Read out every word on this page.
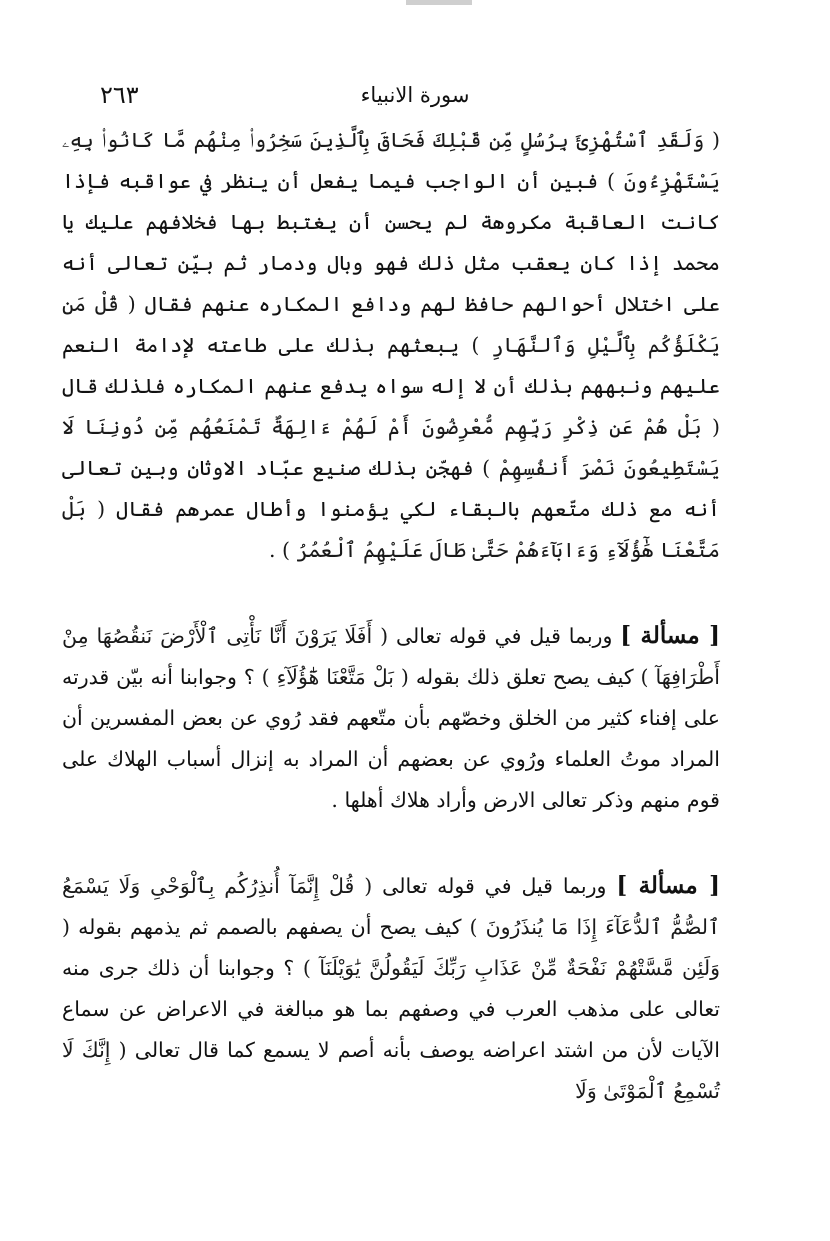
سورة الانبياء
٢٦٣

( وَلَقَدِ ٱسْتُهْزِئَ بِرُسُلٍ مِّن قَبْلِكَ فَحَاقَ بِٱلَّذِينَ سَخِرُوا۟ مِنْهُم مَّا كَانُوا۟ بِهِۦ يَسْتَهْزِءُونَ ) فبين أن الواجب فيما يفعل أن ينظر في عواقبه فإذا كانت العاقبة مكروهة لم يحسن أن يغتبط بها فخلافهم عليك يا محمد إذا كان يعقب مثل ذلك فهو وبال ودمار ثم بيّن تعالى أنه على اختلال أحوالهم حافظ لهم ودافع المكاره عنهم فقال ( قُلْ مَن يَكْلَؤُكُم بِٱلَّيْلِ وَٱلنَّهَارِ ) يبعثهم بذلك على طاعته لإدامة النعم عليهم ونبههم بذلك أن لا إله سواه يدفع عنهم المكاره فلذلك قال ( بَلْ هُمْ عَن ذِكْرِ رَبِّهِم مُّعْرِضُونَ أَمْ لَهُمْ ءَالِهَةٌ تَمْنَعُهُم مِّن دُونِنَا لَا يَسْتَطِيعُونَ نَصْرَ أَنفُسِهِمْ ) فهجّن بذلك صنيع عبّاد الاوثان وبين تعالى أنه مع ذلك متّعهم بالبقاء لكي يؤمنوا وأطال عمرهم فقال ( بَلْ مَتَّعْنَا هَٰٓؤُلَآءِ وَءَابَآءَهُمْ حَتَّىٰ طَالَ عَلَيْهِمُ ٱلْعُمُرُ ) .

[ مسألة ] وربما قيل في قوله تعالى ( أَفَلَا يَرَوْنَ أَنَّا نَأْتِى ٱلْأَرْضَ نَنقُصُهَا مِنْ أَطْرَافِهَآ ) كيف يصح تعلق ذلك بقوله ( بَلْ مَتَّعْنَا هَٰٓؤُلَآءِ ) ؟ وجوابنا أنه بيّن قدرته على إفناء كثير من الخلق وخصّهم بأن متّعهم فقد رُوي عن بعض المفسرين أن المراد موتُ العلماء ورُوي عن بعضهم أن المراد به إنزال أسباب الهلاك على قوم منهم وذكر تعالى الارض وأراد هلاك أهلها .

[ مسألة ] وربما قيل في قوله تعالى ( قُلْ إِنَّمَآ أُنذِرُكُم بِٱلْوَحْىِ وَلَا يَسْمَعُ ٱلصُّمُّ ٱلدُّعَآءَ إِذَا مَا يُنذَرُونَ ) كيف يصح أن يصفهم بالصمم ثم يذمهم بقوله ( وَلَئِن مَّسَّتْهُمْ نَفْحَةٌ مِّنْ عَذَابِ رَبِّكَ لَيَقُولُنَّ يَٰوَيْلَنَآ ) ؟ وجوابنا أن ذلك جرى منه تعالى على مذهب العرب في وصفهم بما هو مبالغة في الاعراض عن سماع الآيات لأن من اشتد اعراضه يوصف بأنه أصم لا يسمع كما قال تعالى ( إِنَّكَ لَا تُسْمِعُ ٱلْمَوْتَىٰ وَلَا
